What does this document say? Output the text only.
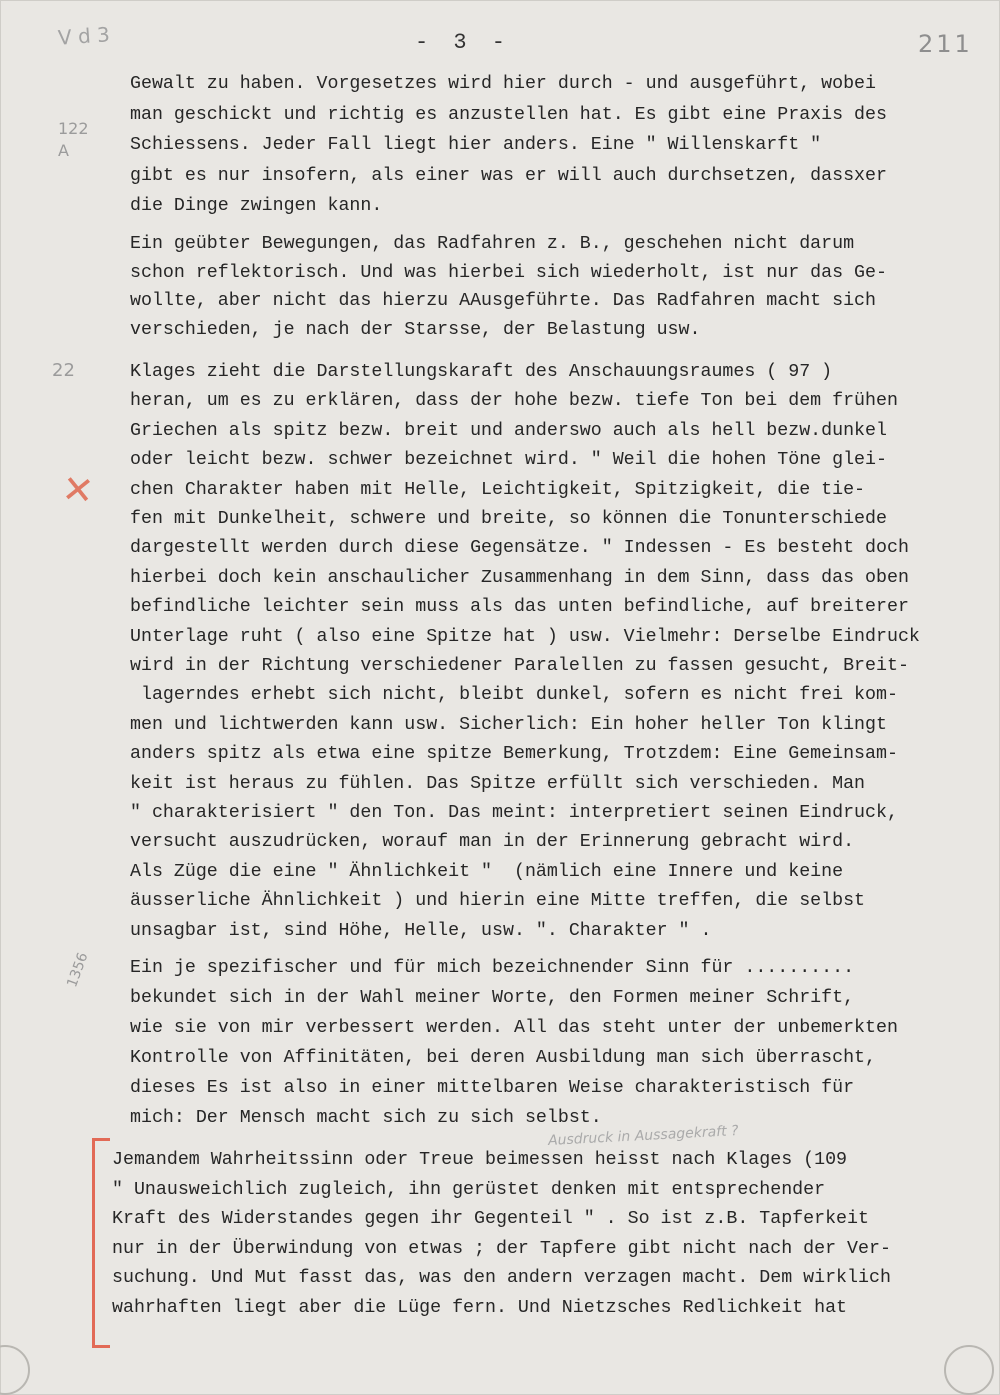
V d 3	- 3 -	211
122 A
22
1356
Ausdruck in Aussagekraft ?
✕
Gewalt zu haben. Vorgesetzes wird hier durch - und ausgeführt, wobei
man geschickt und richtig es anzustellen hat. Es gibt eine Praxis des
Schiessens. Jeder Fall liegt hier anders. Eine " Willenskarft "
gibt es nur insofern, als einer was er will auch durchsetzen, dassxer
die Dinge zwingen kann.
Ein geübter Bewegungen, das Radfahren z. B., geschehen nicht darum
schon reflektorisch. Und was hierbei sich wiederholt, ist nur das Ge-
wollte, aber nicht das hierzu AAusgeführte. Das Radfahren macht sich
verschieden, je nach der Starsse, der Belastung usw.
Klages zieht die Darstellungskaraft des Anschauungsraumes ( 97 )
heran, um es zu erklären, dass der hohe bezw. tiefe Ton bei dem frühen
Griechen als spitz bezw. breit und anderswo auch als hell bezw.dunkel
oder leicht bezw. schwer bezeichnet wird. " Weil die hohen Töne glei-
chen Charakter haben mit Helle, Leichtigkeit, Spitzigkeit, die tie-
fen mit Dunkelheit, schwere und breite, so können die Tonunterschiede
dargestellt werden durch diese Gegensätze. " Indessen - Es besteht doch
hierbei doch kein anschaulicher Zusammenhang in dem Sinn, dass das oben
befindliche leichter sein muss als das unten befindliche, auf breiterer
Unterlage ruht ( also eine Spitze hat ) usw. Vielmehr: Derselbe Eindruck
wird in der Richtung verschiedener Paralellen zu fassen gesucht, Breit-
lagerndes erhebt sich nicht, bleibt dunkel, sofern es nicht frei kom-
men und lichtwerden kann usw. Sicherlich: Ein hoher heller Ton klingt
anders spitz als etwa eine spitze Bemerkung, Trotzdem: Eine Gemeinsam-
keit ist heraus zu fühlen. Das Spitze erfüllt sich verschieden. Man
" charakterisiert " den Ton. Das meint: interpretiert seinen Eindruck,
versucht auszudrücken, worauf man in der Erinnerung gebracht wird.
Als Züge die eine " Ähnlichkeit "  (nämlich eine Innere und keine
äusserliche Ähnlichkeit ) und hierin eine Mitte treffen, die selbst
unsagbar ist, sind Höhe, Helle, usw. ". Charakter " .
Ein je spezifischer und für mich bezeichnender Sinn für ..........
bekundet sich in der Wahl meiner Worte, den Formen meiner Schrift,
wie sie von mir verbessert werden. All das steht unter der unbemerkten
Kontrolle von Affinitäten, bei deren Ausbildung man sich überrascht,
dieses Es ist also in einer mittelbaren Weise charakteristisch für
mich: Der Mensch macht sich zu sich selbst.
Jemandem Wahrheitssinn oder Treue beimessen heisst nach Klages (109
" Unausweichlich zugleich, ihn gerüstet denken mit entsprechender
Kraft des Widerstandes gegen ihr Gegenteil " . So ist z.B. Tapferkeit
nur in der Überwindung von etwas ; der Tapfere gibt nicht nach der Ver-
suchung. Und Mut fasst das, was den andern verzagen macht. Dem wirklich
wahrhaften liegt aber die Lüge fern. Und Nietzsches Redlichkeit hat
